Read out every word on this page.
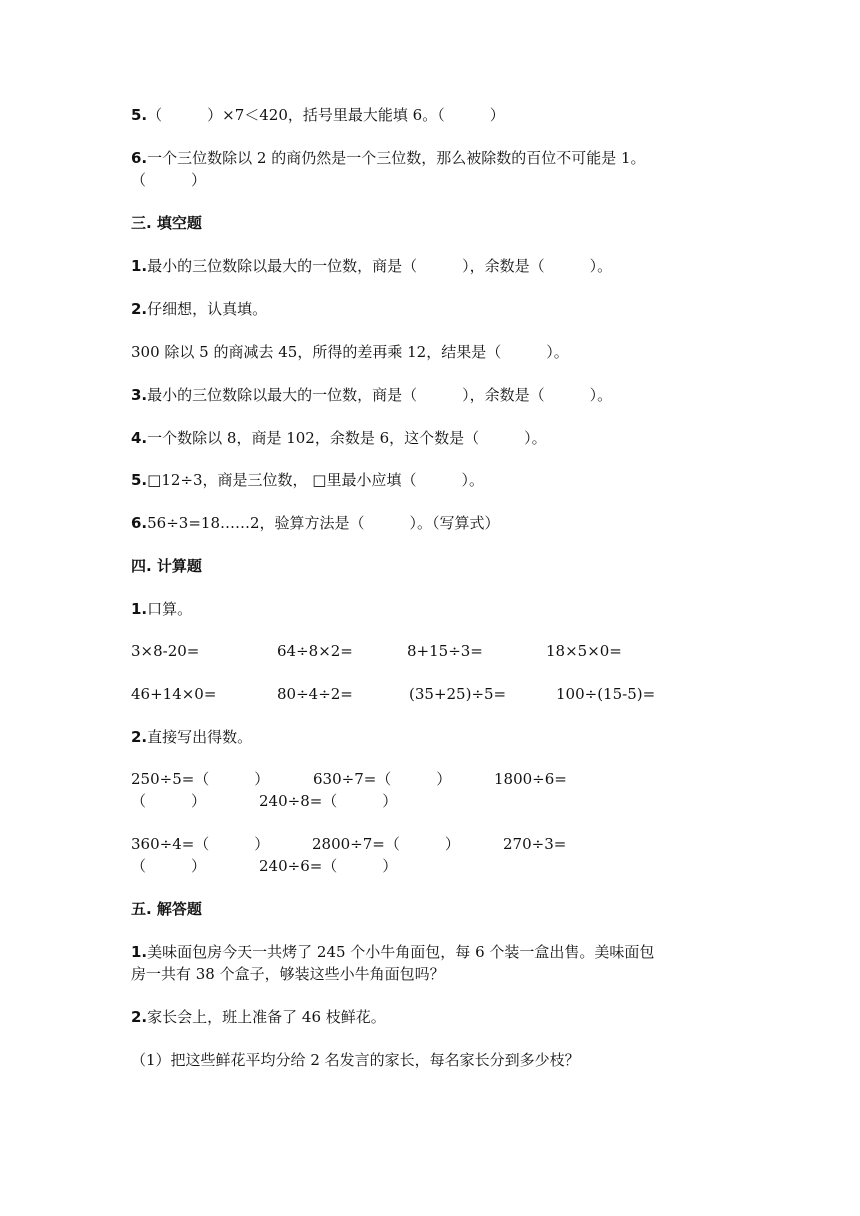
5.（　　　）×7＜420，括号里最大能填 6。（　　　）
6.一个三位数除以 2 的商仍然是一个三位数，那么被除数的百位不可能是 1。
（　　　）
三. 填空题
1.最小的三位数除以最大的一位数，商是（　　　），余数是（　　　）。
2.仔细想，认真填。
300 除以 5 的商减去 45，所得的差再乘 12，结果是（　　　）。
3.最小的三位数除以最大的一位数，商是（　　　），余数是（　　　）。
4.一个数除以 8，商是 102，余数是 6，这个数是（　　　）。
5.□12÷3，商是三位数， □里最小应填（　　　）。
6.56÷3=18……2，验算方法是（　　　）。（写算式）
四. 计算题
1.口算。
3×8-20=	64÷8×2=	8+15÷3=	18×5×0=
46+14×0=	80÷4÷2=	(35+25)÷5=	100÷(15-5)=
2.直接写出得数。
250÷5=（　　　）	630÷7=（　　　）	1800÷6=
（　　　）	240÷8=（　　　）
360÷4=（　　　）	2800÷7=（　　　）	270÷3=
（　　　）	240÷6=（　　　）
五. 解答题
1.美味面包房今天一共烤了 245 个小牛角面包，每 6 个装一盒出售。美味面包
房一共有 38 个盒子，够装这些小牛角面包吗？
2.家长会上，班上准备了 46 枝鲜花。
（1）把这些鲜花平均分给 2 名发言的家长，每名家长分到多少枝？
